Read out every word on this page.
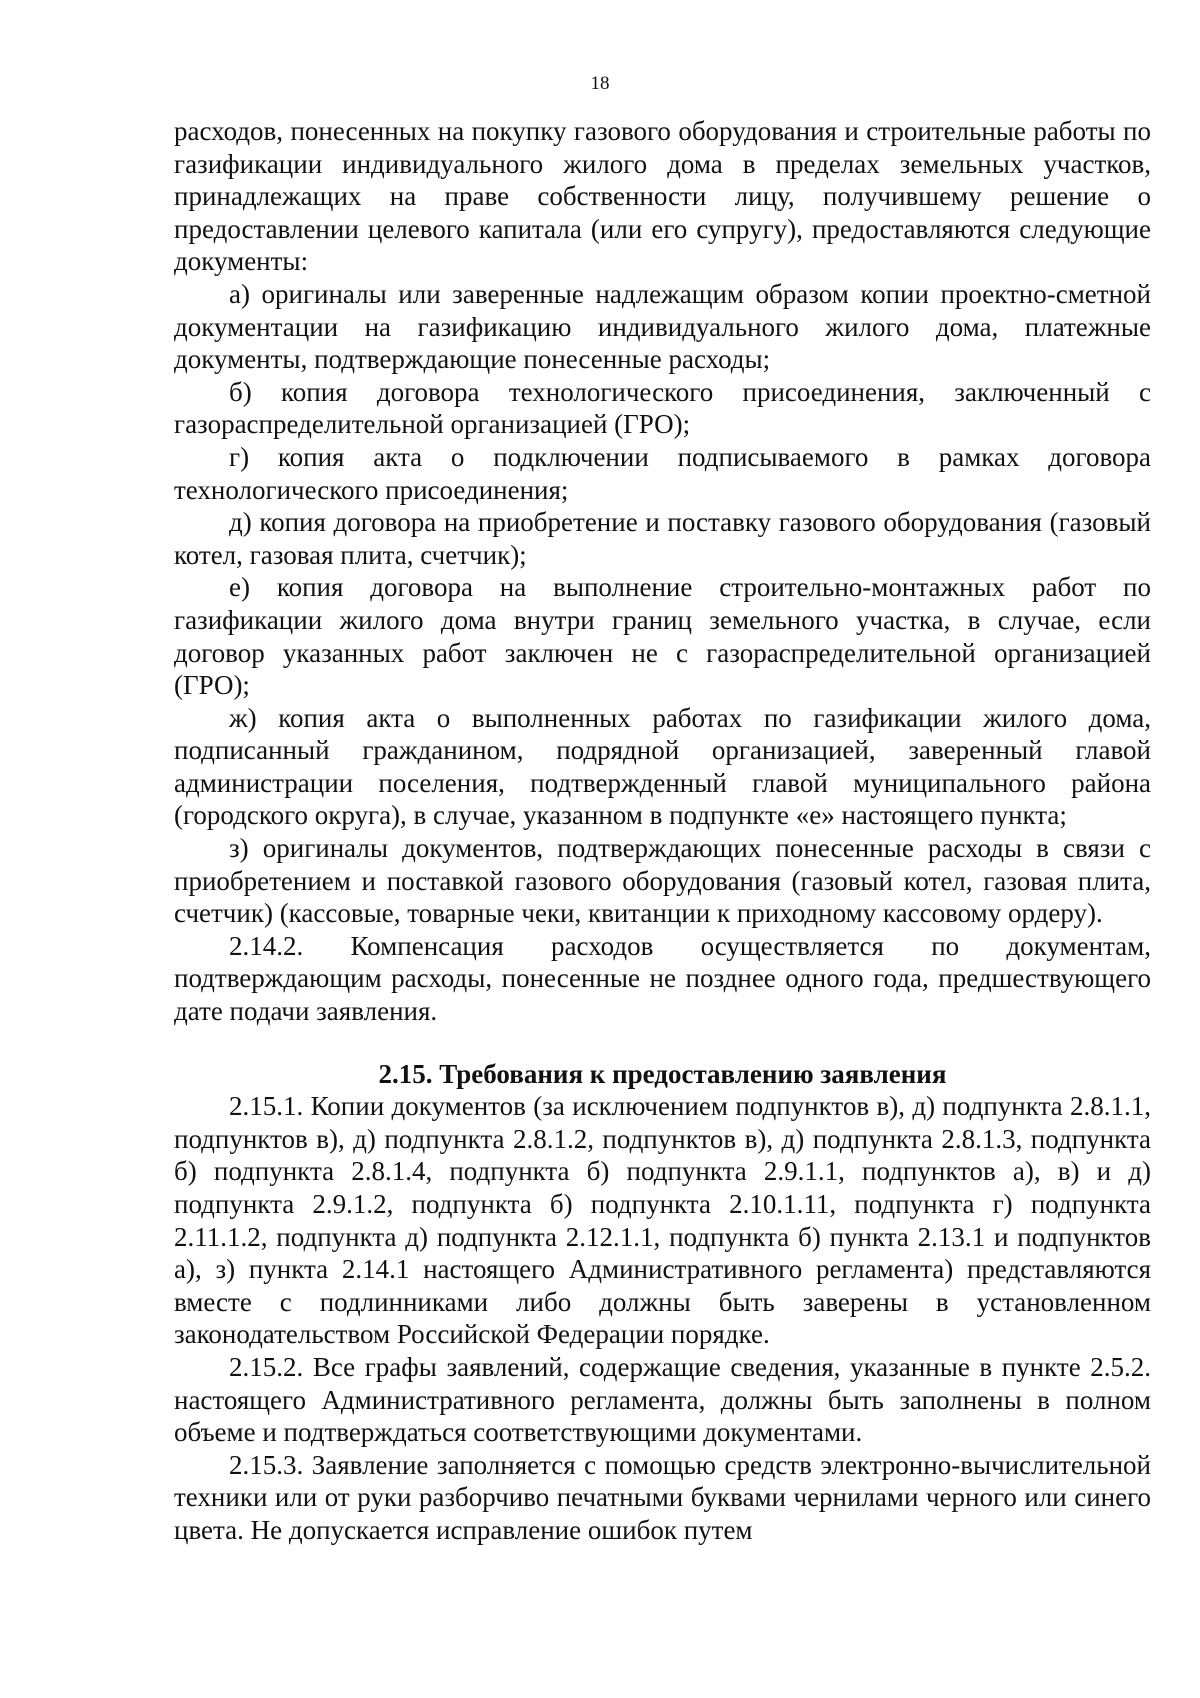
18

расходов, понесенных на покупку газового оборудования и строительные работы по газификации индивидуального жилого дома в пределах земельных участков, принадлежащих на праве собственности лицу, получившему решение о предоставлении целевого капитала (или его супругу), предоставляются следующие документы:

а) оригиналы или заверенные надлежащим образом копии проектно-сметной документации на газификацию индивидуального жилого дома, платежные документы, подтверждающие понесенные расходы;

б) копия договора технологического присоединения, заключенный с газораспределительной организацией (ГРО);

г) копия акта о подключении подписываемого в рамках договора технологического присоединения;

д) копия договора на приобретение и поставку газового оборудования (газовый котел, газовая плита, счетчик);

е) копия договора на выполнение строительно-монтажных работ по газификации жилого дома внутри границ земельного участка, в случае, если договор указанных работ заключен не с газораспределительной организацией (ГРО);

ж) копия акта о выполненных работах по газификации жилого дома, подписанный гражданином, подрядной организацией, заверенный главой администрации поселения, подтвержденный главой муниципального района (городского округа), в случае, указанном в подпункте «е» настоящего пункта;

з) оригиналы документов, подтверждающих понесенные расходы в связи с приобретением и поставкой газового оборудования (газовый котел, газовая плита, счетчик) (кассовые, товарные чеки, квитанции к приходному кассовому ордеру).

2.14.2. Компенсация расходов осуществляется по документам, подтверждающим расходы, понесенные не позднее одного года, предшествующего дате подачи заявления.

2.15. Требования к предоставлению заявления

2.15.1. Копии документов (за исключением подпунктов в), д) подпункта 2.8.1.1, подпунктов в), д) подпункта 2.8.1.2, подпунктов в), д) подпункта 2.8.1.3, подпункта б) подпункта 2.8.1.4, подпункта б) подпункта 2.9.1.1, подпунктов а), в) и д) подпункта 2.9.1.2, подпункта б) подпункта 2.10.1.11, подпункта г) подпункта 2.11.1.2, подпункта д) подпункта 2.12.1.1, подпункта б) пункта 2.13.1 и подпунктов а), з) пункта 2.14.1 настоящего Административного регламента) представляются вместе с подлинниками либо должны быть заверены в установленном законодательством Российской Федерации порядке.

2.15.2. Все графы заявлений, содержащие сведения, указанные в пункте 2.5.2. настоящего Административного регламента, должны быть заполнены в полном объеме и подтверждаться соответствующими документами.

2.15.3. Заявление заполняется с помощью средств электронно-вычислительной техники или от руки разборчиво печатными буквами чернилами черного или синего цвета. Не допускается исправление ошибок путем
